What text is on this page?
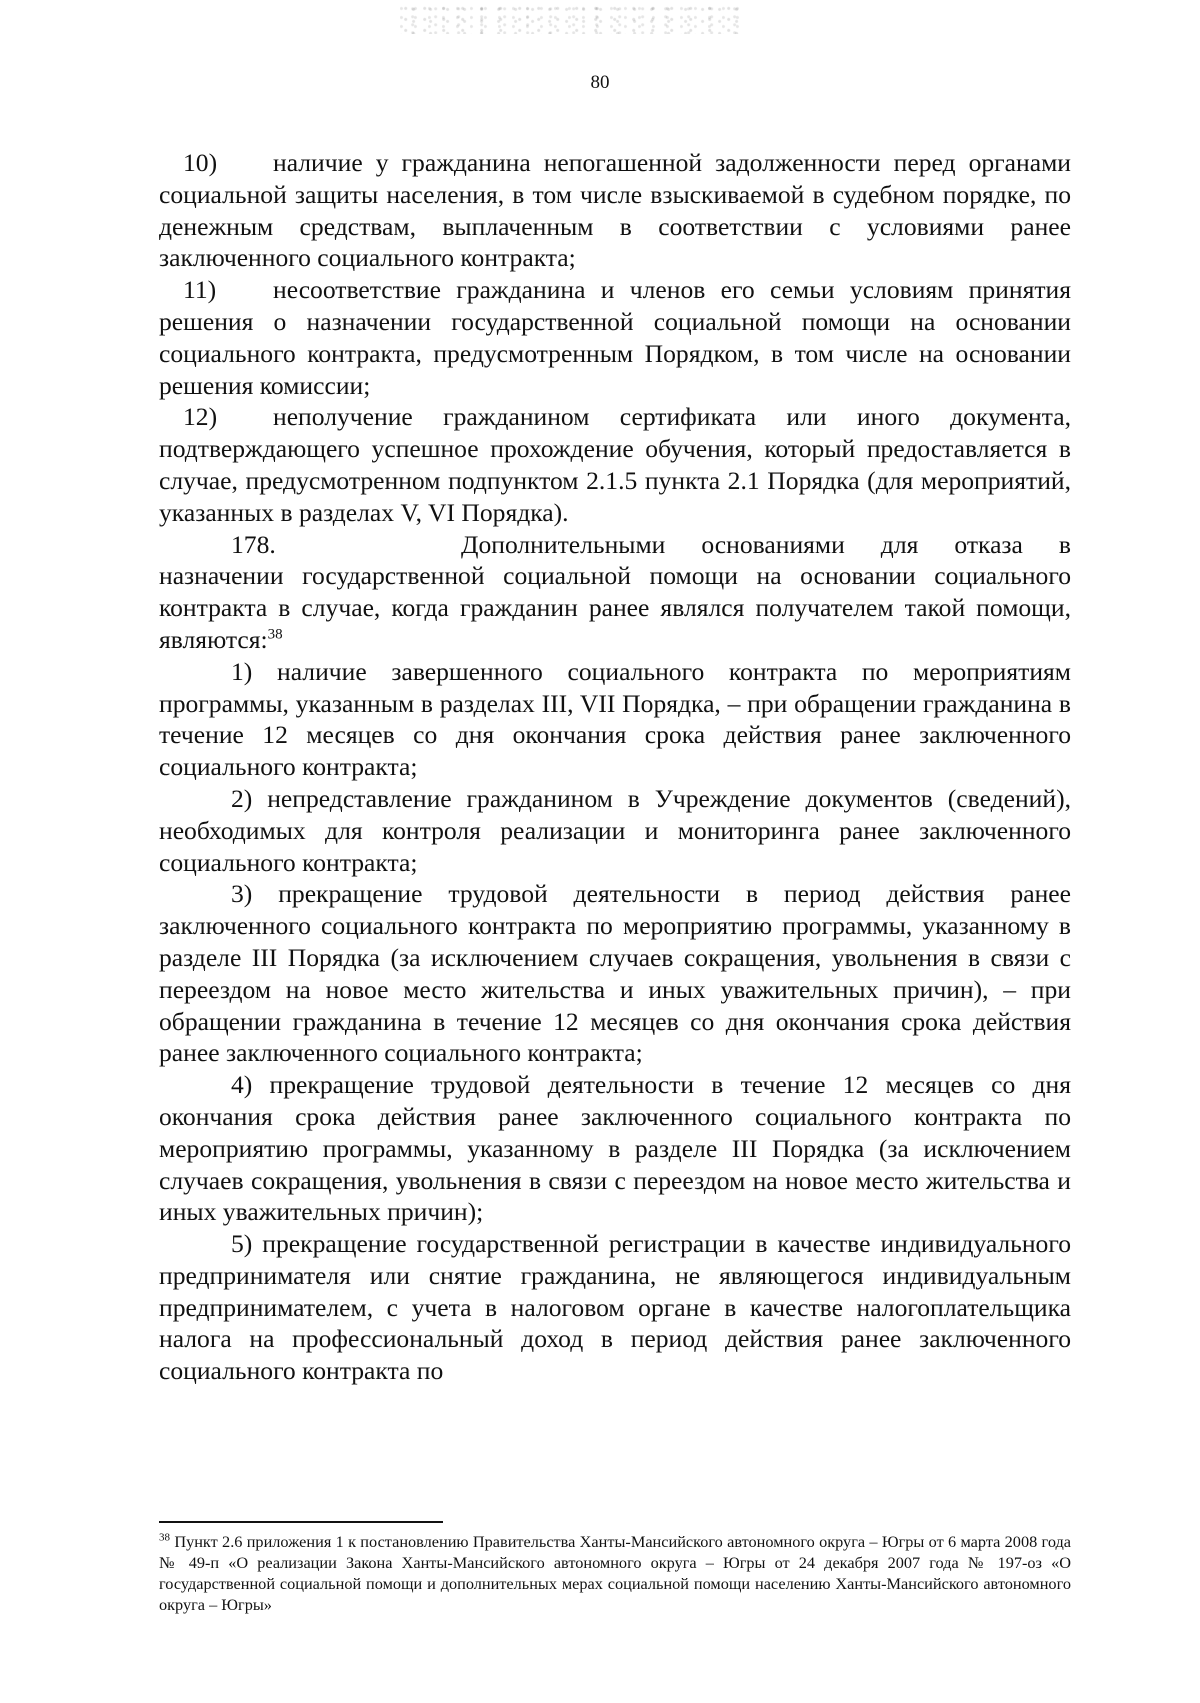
80

10) наличие у гражданина непогашенной задолженности перед органами социальной защиты населения, в том числе взыскиваемой в судебном порядке, по денежным средствам, выплаченным в соответствии с условиями ранее заключенного социального контракта;

11) несоответствие гражданина и членов его семьи условиям принятия решения о назначении государственной социальной помощи на основании социального контракта, предусмотренным Порядком, в том числе на основании решения комиссии;

12) неполучение гражданином сертификата или иного документа, подтверждающего успешное прохождение обучения, который предоставляется в случае, предусмотренном подпунктом 2.1.5 пункта 2.1 Порядка (для мероприятий, указанных в разделах V, VI Порядка).

178.	Дополнительными основаниями для отказа в назначении государственной социальной помощи на основании социального контракта в случае, когда гражданин ранее являлся получателем такой помощи, являются:$^{38}$

1) наличие завершенного социального контракта по мероприятиям программы, указанным в разделах III, VII Порядка, – при обращении гражданина в течение 12 месяцев со дня окончания срока действия ранее заключенного социального контракта;

2) непредставление гражданином в Учреждение документов (сведений), необходимых для контроля реализации и мониторинга ранее заключенного социального контракта;

3) прекращение трудовой деятельности в период действия ранее заключенного социального контракта по мероприятию программы, указанному в разделе III Порядка (за исключением случаев сокращения, увольнения в связи с переездом на новое место жительства и иных уважительных причин), – при обращении гражданина в течение 12 месяцев со дня окончания срока действия ранее заключенного социального контракта;

4) прекращение трудовой деятельности в течение 12 месяцев со дня окончания срока действия ранее заключенного социального контракта по мероприятию программы, указанному в разделе III Порядка (за исключением случаев сокращения, увольнения в связи с переездом на новое место жительства и иных уважительных причин);

5) прекращение государственной регистрации в качестве индивидуального предпринимателя или снятие гражданина, не являющегося индивидуальным предпринимателем, с учета в налоговом органе в качестве налогоплательщика налога на профессиональный доход в период действия ранее заключенного социального контракта по

$^{38}$ Пункт 2.6 приложения 1 к постановлению Правительства Ханты-Мансийского автономного округа – Югры от 6 марта 2008 года № 49-п «О реализации Закона Ханты-Мансийского автономного округа – Югры от 24 декабря 2007 года № 197-оз «О государственной социальной помощи и дополнительных мерах социальной помощи населению Ханты-Мансийского автономного округа – Югры»
